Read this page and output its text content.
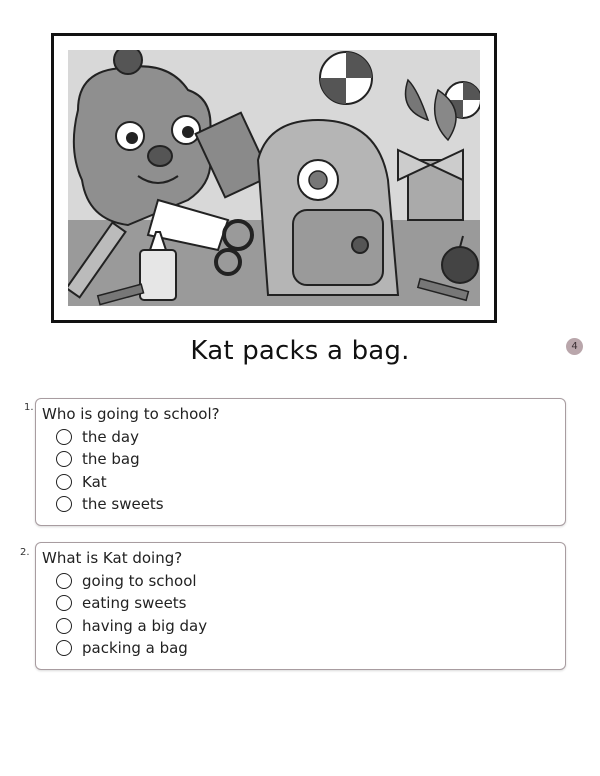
Kat packs a bag.	4
1. Who is going to school?
the day
the bag
Kat
the sweets
2. What is Kat doing?
going to school
eating sweets
having a big day
packing a bag
